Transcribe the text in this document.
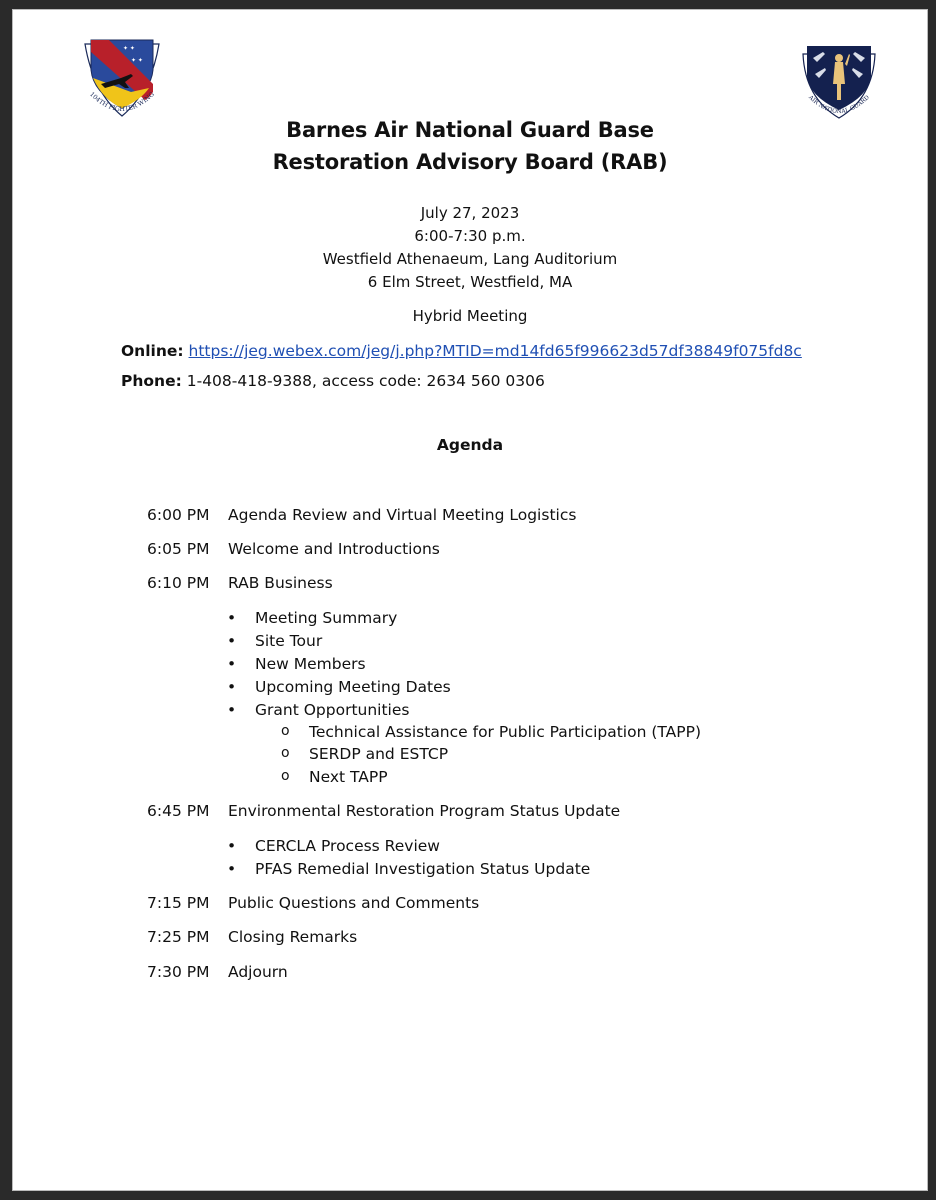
✦ ✦
✦ ✦
104TH FIGHTER WING	AIR NATIONAL GUARD
Barnes Air National Guard Base
Restoration Advisory Board (RAB)
July 27, 2023
6:00-7:30 p.m.
Westfield Athenaeum, Lang Auditorium
6 Elm Street, Westfield, MA
Hybrid Meeting
Online: https://jeg.webex.com/jeg/j.php?MTID=md14fd65f996623d57df38849f075fd8c
Phone: 1-408-418-9388, access code: 2634 560 0306
Agenda
6:00 PM Agenda Review and Virtual Meeting Logistics
6:05 PM Welcome and Introductions
6:10 PM RAB Business
• Meeting Summary
• Site Tour
• New Members
• Upcoming Meeting Dates
• Grant Opportunities
o Technical Assistance for Public Participation (TAPP)
o SERDP and ESTCP
o Next TAPP
6:45 PM Environmental Restoration Program Status Update
• CERCLA Process Review
• PFAS Remedial Investigation Status Update
7:15 PM Public Questions and Comments
7:25 PM Closing Remarks
7:30 PM Adjourn
